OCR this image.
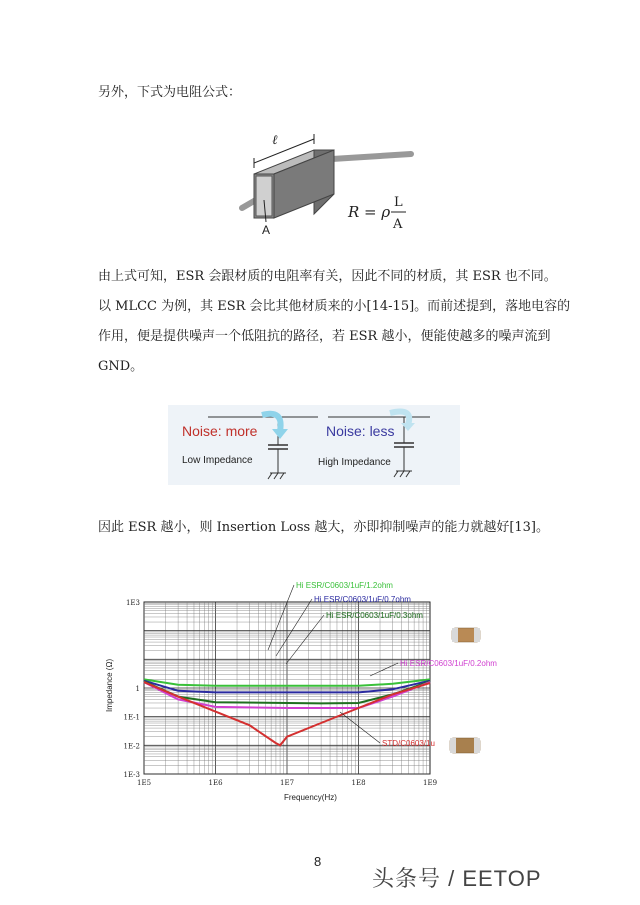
另外，下式为电阻公式：
ℓ
A
R = ρ
L
A
由上式可知，ESR 会跟材质的电阻率有关，因此不同的材质，其 ESR 也不同。
以 MLCC 为例，其 ESR 会比其他材质来的小[14-15]。而前述提到，落地电容的
作用，便是提供噪声一个低阻抗的路径，若 ESR 越小，便能使越多的噪声流到
GND。
Noise: more
Low Impedance
Noise: less
High Impedance
因此 ESR 越小，则 Insertion Loss 越大，亦即抑制噪声的能力就越好[13]。
1E5	1E6	1E7	1E8	1E9
1E3
1
1E-1
1E-2
1E-3
Hi ESR/C0603/1uF/1.2ohm
Hi ESR/C0603/1uF/0.7ohm
Hi ESR/C0603/1uF/0.3ohm
Hi ESR/C0603/1uF/0.2ohm
STD/C0603/1u
Frequency(Hz)
Impedance (Ω)
8
头条号 / EETOP
